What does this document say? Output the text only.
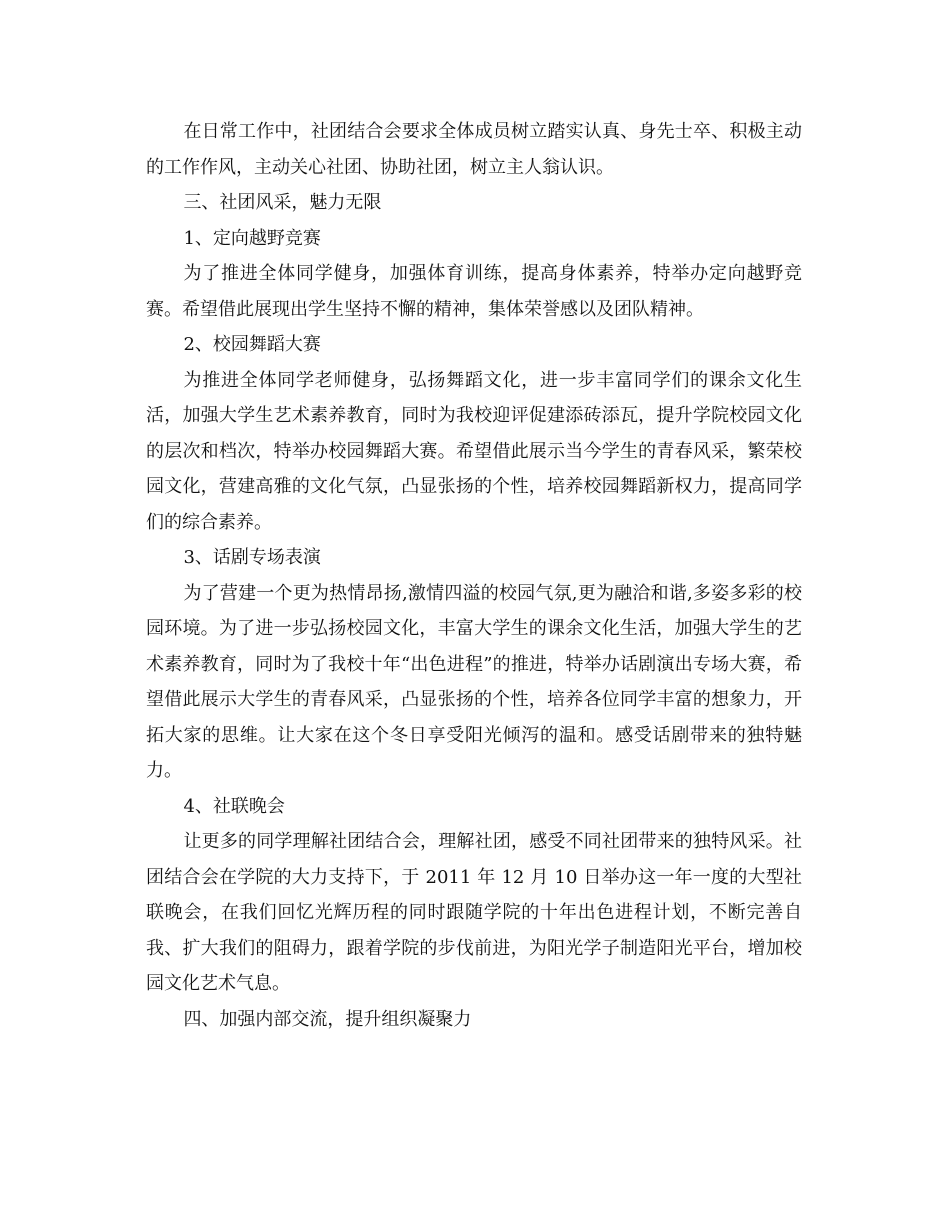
在日常工作中，社团结合会要求全体成员树立踏实认真、身先士卒、积极主动的工作作风，主动关心社团、协助社团，树立主人翁认识。

三、社团风采，魅力无限

1、定向越野竞赛

为了推进全体同学健身，加强体育训练，提高身体素养，特举办定向越野竞赛。希望借此展现出学生坚持不懈的精神，集体荣誉感以及团队精神。

2、校园舞蹈大赛

为推进全体同学老师健身，弘扬舞蹈文化，进一步丰富同学们的课余文化生活，加强大学生艺术素养教育，同时为我校迎评促建添砖添瓦，提升学院校园文化的层次和档次，特举办校园舞蹈大赛。希望借此展示当今学生的青春风采，繁荣校园文化，营建高雅的文化气氛，凸显张扬的个性，培养校园舞蹈新权力，提高同学们的综合素养。

3、话剧专场表演

为了营建一个更为热情昂扬,激情四溢的校园气氛,更为融洽和谐,多姿多彩的校园环境。为了进一步弘扬校园文化，丰富大学生的课余文化生活，加强大学生的艺术素养教育，同时为了我校十年“出色进程”的推进，特举办话剧演出专场大赛，希望借此展示大学生的青春风采，凸显张扬的个性，培养各位同学丰富的想象力，开拓大家的思维。让大家在这个冬日享受阳光倾泻的温和。感受话剧带来的独特魅力。

4、社联晚会

让更多的同学理解社团结合会，理解社团，感受不同社团带来的独特风采。社团结合会在学院的大力支持下，于 2011 年 12 月 10 日举办这一年一度的大型社联晚会，在我们回忆光辉历程的同时跟随学院的十年出色进程计划，不断完善自我、扩大我们的阻碍力，跟着学院的步伐前进，为阳光学子制造阳光平台，增加校园文化艺术气息。

四、加强内部交流，提升组织凝聚力
